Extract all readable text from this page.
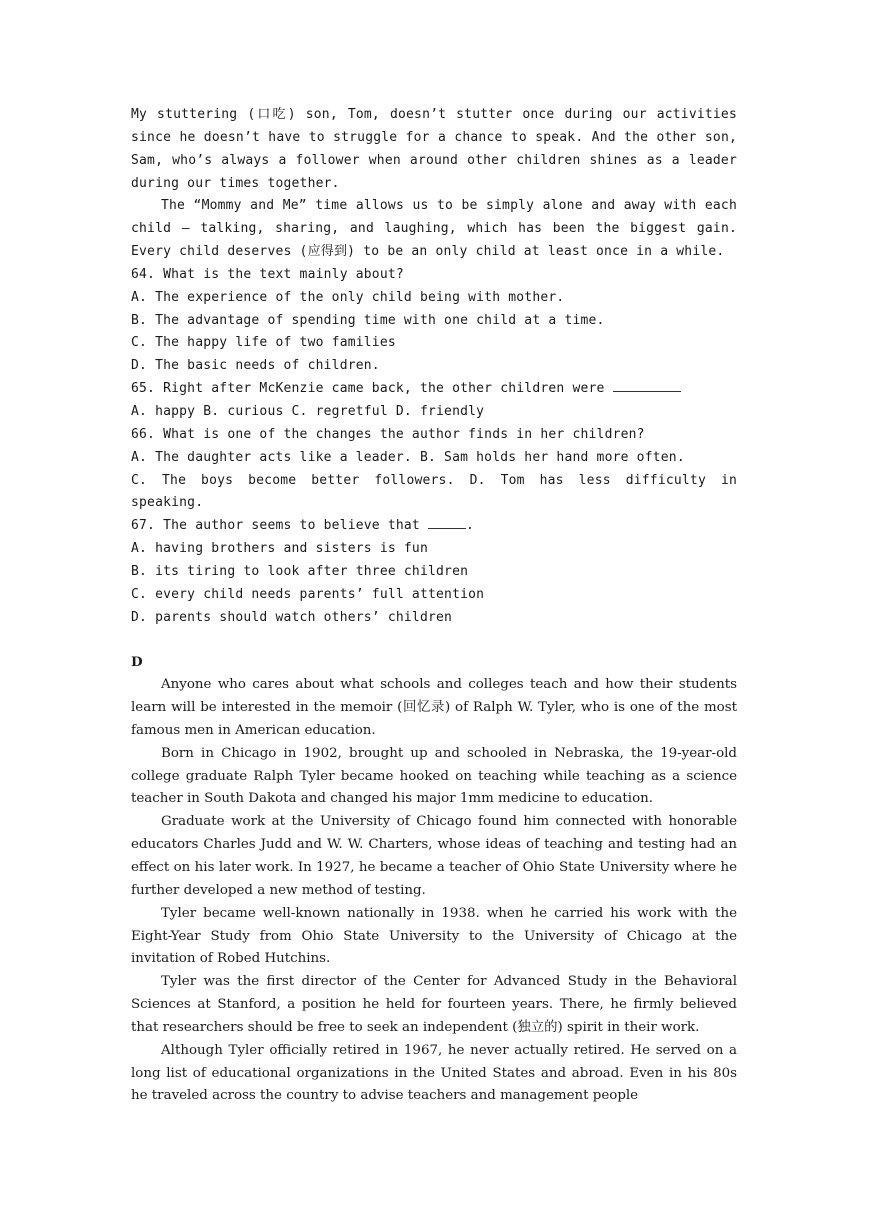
My stuttering (口吃) son, Tom, doesn’t stutter once during our activities since he doesn’t have to struggle for a chance to speak. And the other son, Sam, who’s always a follower when around other children shines as a leader during our times together.

The “Mommy and Me” time allows us to be simply alone and away with each child — talking, sharing, and laughing, which has been the biggest gain. Every child deserves (应得到) to be an only child at least once in a while.

64. What is the text mainly about?

A. The experience of the only child being with mother.

B. The advantage of spending time with one child at a time.

C. The happy life of two families

D. The basic needs of children.

65. Right after McKenzie came back, the other children were

A. happy B. curious C. regretful D. friendly

66. What is one of the changes the author finds in her children?

A. The daughter acts like a leader. B. Sam holds her hand more often.

C. The boys become better followers. D. Tom has less difficulty in speaking.

67. The author seems to believe that	.

A. having brothers and sisters is fun

B. its tiring to look after three children

C. every child needs parents’ full attention

D. parents should watch others’ children

D

Anyone who cares about what schools and colleges teach and how their students learn will be interested in the memoir (回忆录) of Ralph W. Tyler, who is one of the most famous men in American education.

Born in Chicago in 1902, brought up and schooled in Nebraska, the 19-year-old college graduate Ralph Tyler became hooked on teaching while teaching as a science teacher in South Dakota and changed his major 1mm medicine to education.

Graduate work at the University of Chicago found him connected with honorable educators Charles Judd and W. W. Charters, whose ideas of teaching and testing had an effect on his later work. In 1927, he became a teacher of Ohio State University where he further developed a new method of testing.

Tyler became well-known nationally in 1938. when he carried his work with the Eight-Year Study from Ohio State University to the University of Chicago at the invitation of Robed Hutchins.

Tyler was the first director of the Center for Advanced Study in the Behavioral Sciences at Stanford, a position he held for fourteen years. There, he firmly believed that researchers should be free to seek an independent (独立的) spirit in their work.

Although Tyler officially retired in 1967, he never actually retired. He served on a long list of educational organizations in the United States and abroad. Even in his 80s he traveled across the country to advise teachers and management people
